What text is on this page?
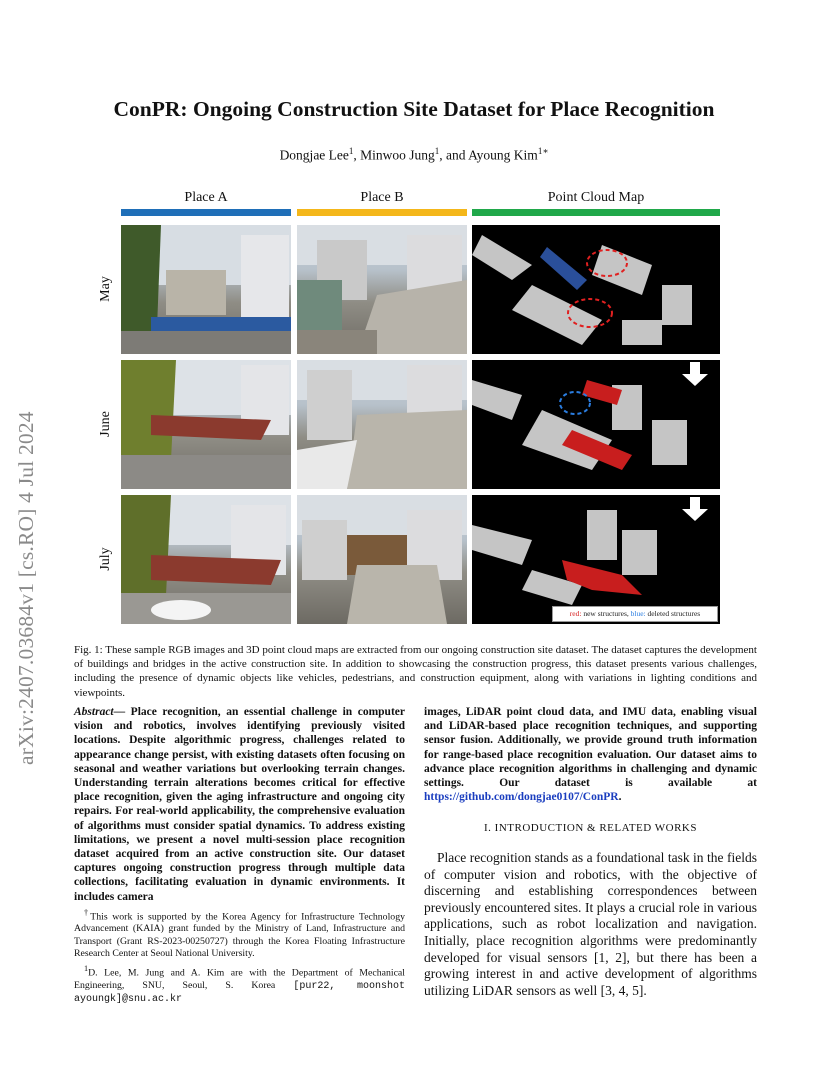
arXiv:2407.03684v1 [cs.RO] 4 Jul 2024
ConPR: Ongoing Construction Site Dataset for Place Recognition
Dongjae Lee$^1$, Minwoo Jung$^1$, and Ayoung Kim$^{1∗}$
Place A	Place B	Point Cloud Map
May
June
July
red: new structures, blue: deleted structures
Fig. 1: These sample RGB images and 3D point cloud maps are extracted from our ongoing construction site dataset. The dataset captures the development of buildings and bridges in the active construction site. In addition to showcasing the construction progress, this dataset presents various challenges, including the presence of dynamic objects like vehicles, pedestrians, and construction equipment, along with variations in lighting conditions and viewpoints.
Abstract— Place recognition, an essential challenge in computer vision and robotics, involves identifying previously visited locations. Despite algorithmic progress, challenges related to appearance change persist, with existing datasets often focusing on seasonal and weather variations but overlooking terrain changes. Understanding terrain alterations becomes critical for effective place recognition, given the aging infrastructure and ongoing city repairs. For real-world applicability, the comprehensive evaluation of algorithms must consider spatial dynamics. To address existing limitations, we present a novel multi-session place recognition dataset acquired from an active construction site. Our dataset captures ongoing construction progress through multiple data collections, facilitating evaluation in dynamic environments. It includes camera
images, LiDAR point cloud data, and IMU data, enabling visual and LiDAR-based place recognition techniques, and supporting sensor fusion. Additionally, we provide ground truth information for range-based place recognition evaluation. Our dataset aims to advance place recognition algorithms in challenging and dynamic settings. Our dataset is available at https://github.com/dongjae0107/ConPR.

†This work is supported by the Korea Agency for Infrastructure Technology Advancement (KAIA) grant funded by the Ministry of Land, Infrastructure and Transport (Grant RS-2023-00250727) through the Korea Floating Infrastructure Research Center at Seoul National University.

$^1$D. Lee, M. Jung and A. Kim are with the Department of Mechanical Engineering, SNU, Seoul, S. Korea [pur22, moonshot ayoungk]@snu.ac.kr

I. INTRODUCTION & RELATED WORKS
Place recognition stands as a foundational task in the fields of computer vision and robotics, with the objective of discerning and establishing correspondences between previously encountered sites. It plays a crucial role in various applications, such as robot localization and navigation. Initially, place recognition algorithms were predominantly developed for visual sensors [1, 2], but there has been a growing interest in and active development of algorithms utilizing LiDAR sensors as well [3, 4, 5].
